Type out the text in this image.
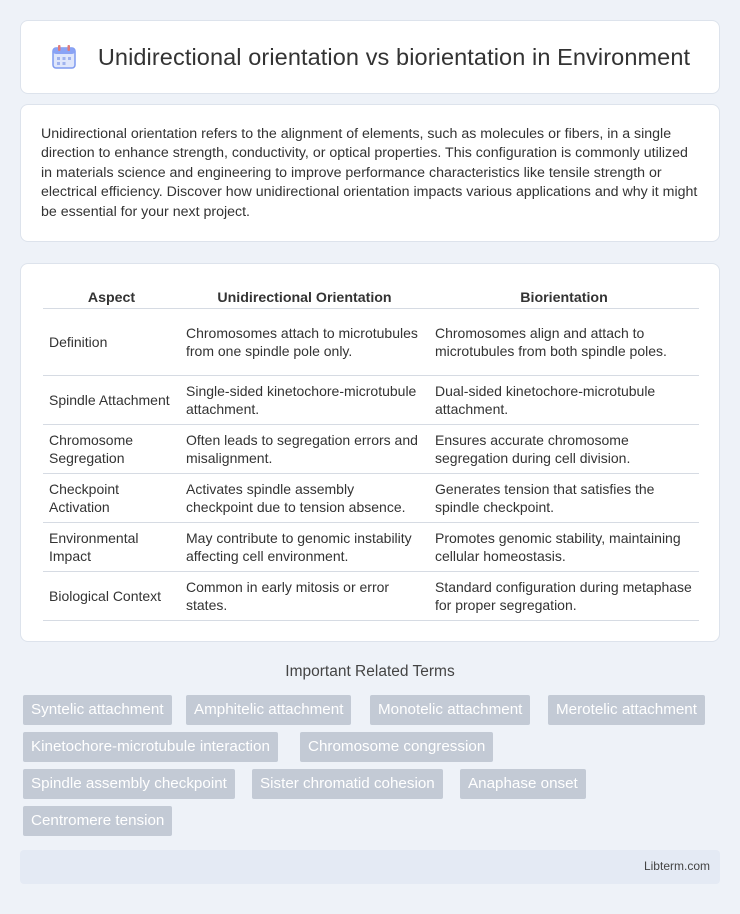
Unidirectional orientation vs biorientation in Environment

Unidirectional orientation refers to the alignment of elements, such as molecules or fibers, in a single direction to enhance strength, conductivity, or optical properties. This configuration is commonly utilized in materials science and engineering to improve performance characteristics like tensile strength or electrical efficiency. Discover how unidirectional orientation impacts various applications and why it might be essential for your next project.

Aspect	Unidirectional Orientation	Biorientation
Definition	Chromosomes attach to microtubules from one spindle pole only.	Chromosomes align and attach to microtubules from both spindle poles.
Spindle Attachment	Single-sided kinetochore-microtubule attachment.	Dual-sided kinetochore-microtubule attachment.
Chromosome Segregation	Often leads to segregation errors and misalignment.	Ensures accurate chromosome segregation during cell division.
Checkpoint Activation	Activates spindle assembly checkpoint due to tension absence.	Generates tension that satisfies the spindle checkpoint.
Environmental Impact	May contribute to genomic instability affecting cell environment.	Promotes genomic stability, maintaining cellular homeostasis.
Biological Context	Common in early mitosis or error states.	Standard configuration during metaphase for proper segregation.
Important Related Terms
Syntelic attachment	Amphitelic attachment	Monotelic attachment	Merotelic attachment
Kinetochore-microtubule interaction	Chromosome congression
Spindle assembly checkpoint	Sister chromatid cohesion	Anaphase onset
Centromere tension
Libterm.com
